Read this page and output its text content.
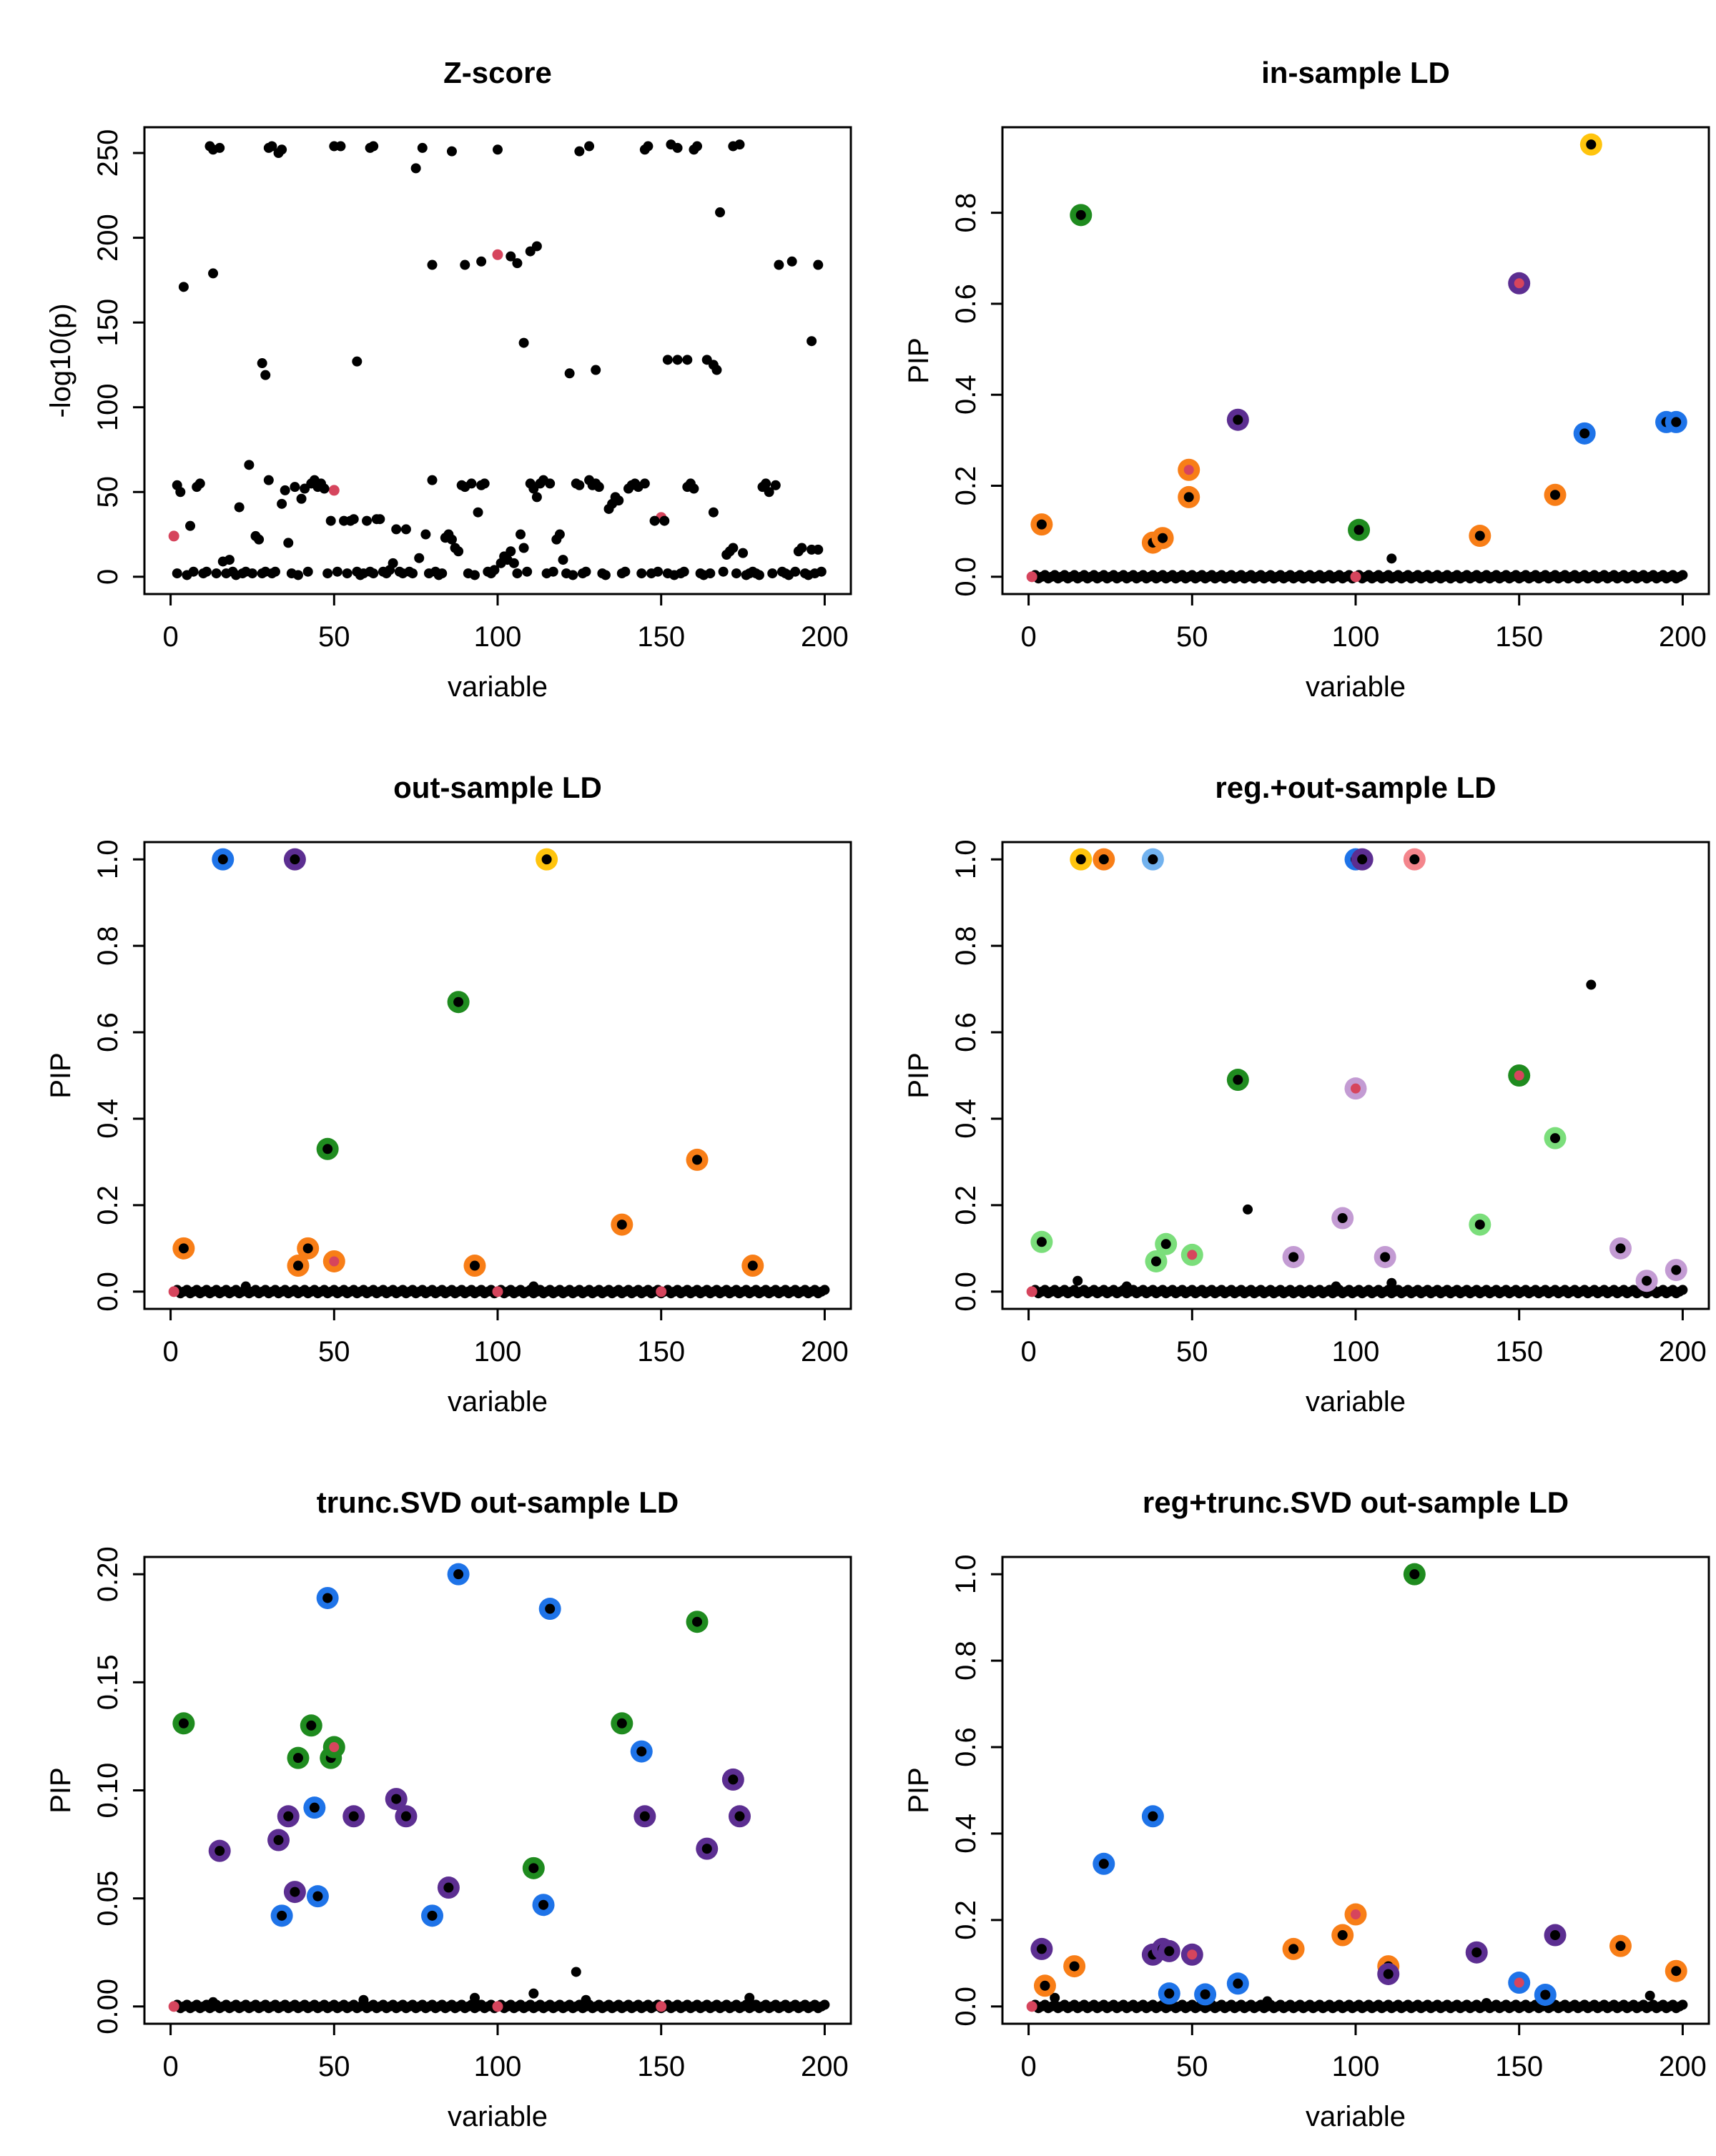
Z-score
0	50	100	150	200
variable
0
50
100
150
200
250
-log10(p)
in-sample LD
0	50	100	150	200
variable
0.0
0.2
0.4
0.6
0.8
PIP
out-sample LD
0	50	100	150	200
variable
0.0
0.2
0.4
0.6
0.8
1.0
PIP
reg.+out-sample LD
0	50	100	150	200
variable
0.0
0.2
0.4
0.6
0.8
1.0
PIP
trunc.SVD out-sample LD
0	50	100	150	200
variable
0.00
0.05
0.10
0.15
0.20
PIP
reg+trunc.SVD out-sample LD
0	50	100	150	200
variable
0.0
0.2
0.4
0.6
0.8
1.0
PIP
